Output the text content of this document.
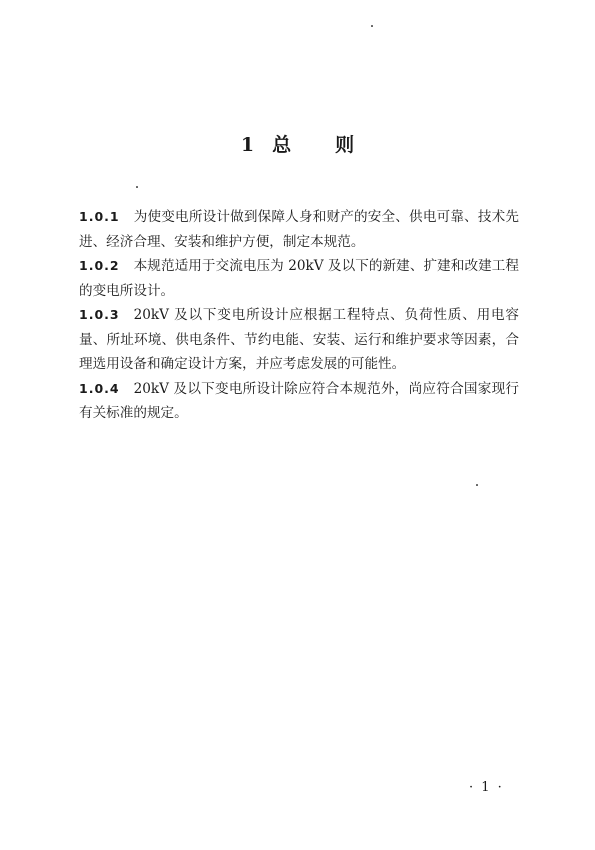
1 总 则

1.0.1 为使变电所设计做到保障人身和财产的安全、供电可靠、技术先进、经济合理、安装和维护方便，制定本规范。

1.0.2 本规范适用于交流电压为 20kV 及以下的新建、扩建和改建工程的变电所设计。

1.0.3 20kV 及以下变电所设计应根据工程特点、负荷性质、用电容量、所址环境、供电条件、节约电能、安装、运行和维护要求等因素，合理选用设备和确定设计方案，并应考虑发展的可能性。

1.0.4 20kV 及以下变电所设计除应符合本规范外，尚应符合国家现行有关标准的规定。

· 1 ·
